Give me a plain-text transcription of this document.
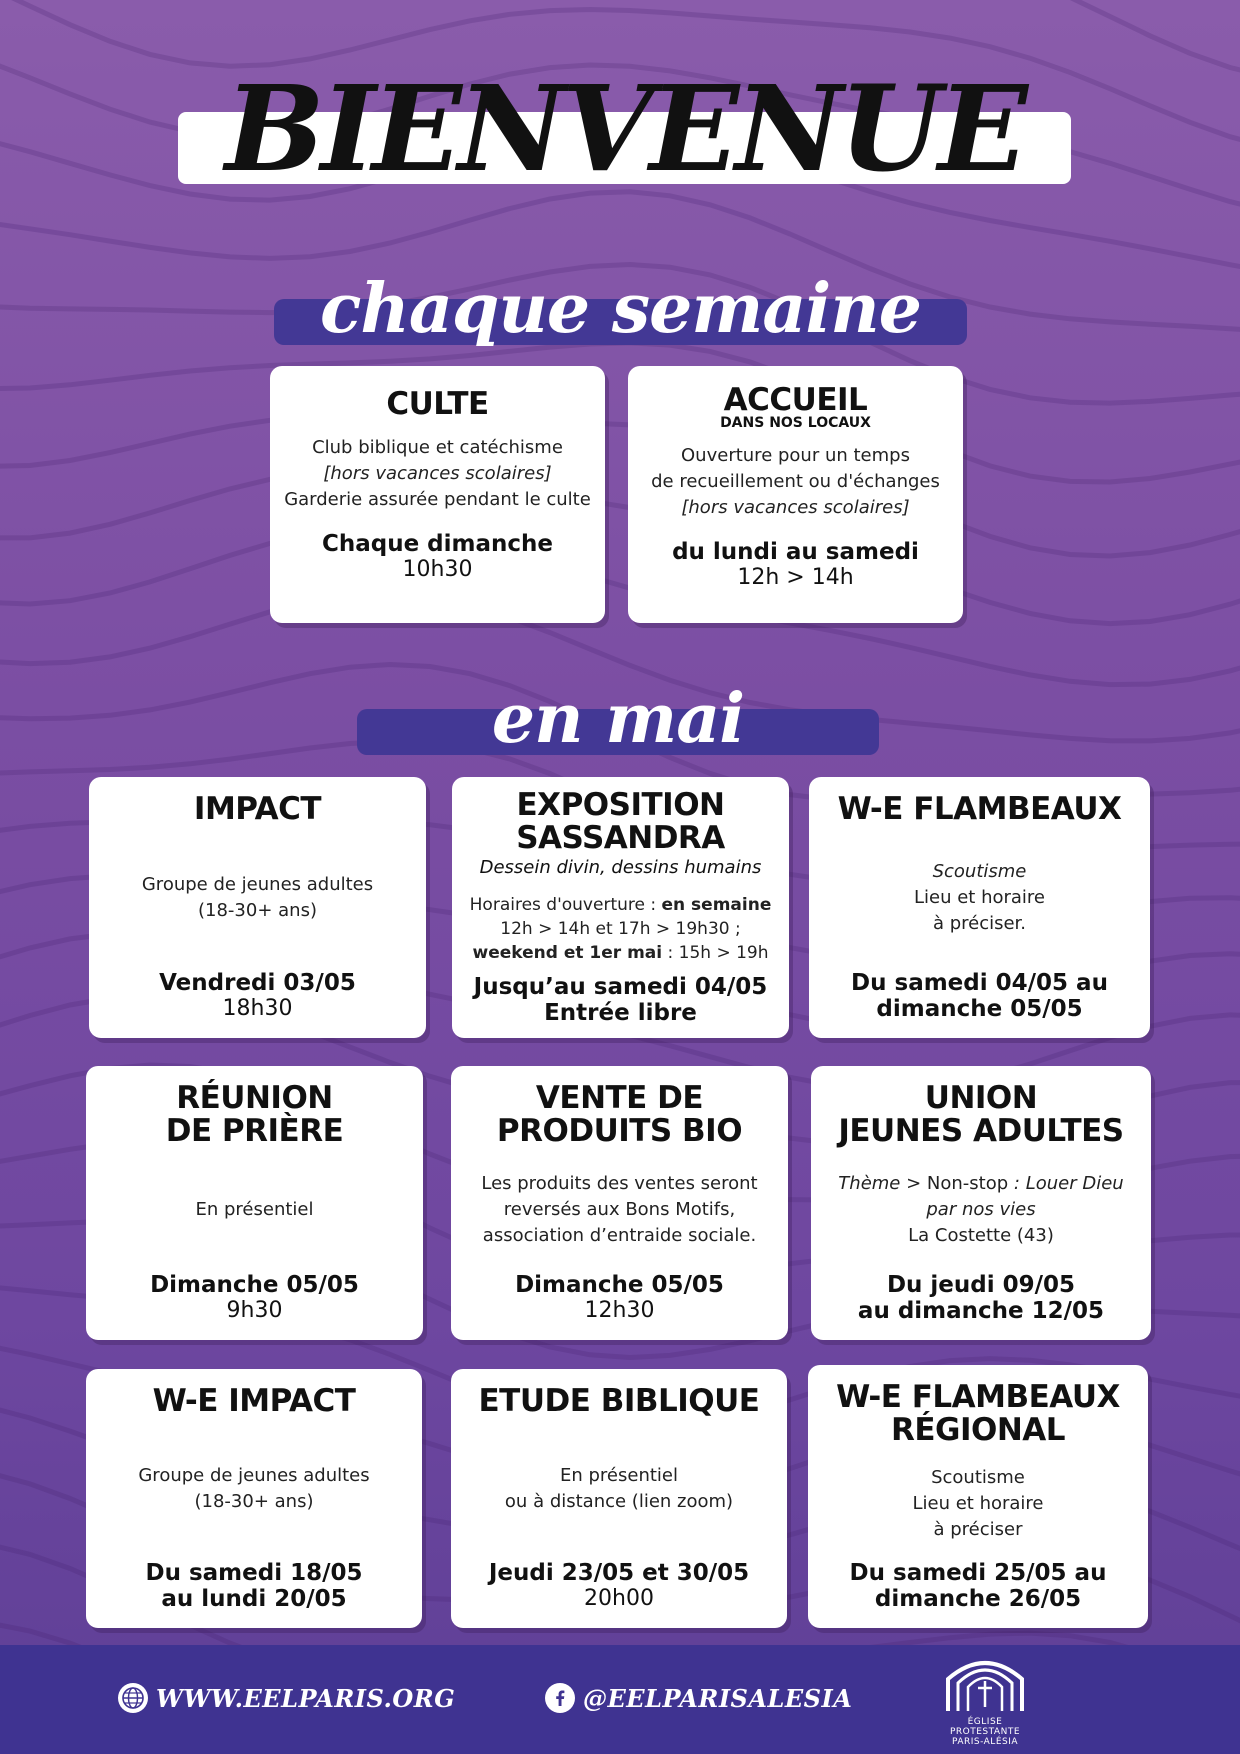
BIENVENUE
chaque semaine
CULTE
Club biblique et catéchisme
[hors vacances scolaires]
Garderie assurée pendant le culte
Chaque dimanche
10h30
ACCUEIL
DANS NOS LOCAUX
Ouverture pour un temps
de recueillement ou d'échanges
[hors vacances scolaires]
du lundi au samedi
12h > 14h
en mai
IMPACT
Groupe de jeunes adultes
(18-30+ ans)
Vendredi 03/05
18h30
EXPOSITION
SASSANDRA
Dessein divin, dessins humains
Horaires d'ouverture : en semaine
12h > 14h et 17h > 19h30 ;
weekend et 1er mai : 15h > 19h
Jusqu’au samedi 04/05
Entrée libre
W-E FLAMBEAUX
Scoutisme
Lieu et horaire
à préciser.
Du samedi 04/05 au
dimanche 05/05
RÉUNION
DE PRIÈRE
En présentiel
Dimanche 05/05
9h30
VENTE DE
PRODUITS BIO
Les produits des ventes seront
reversés aux Bons Motifs,
association d’entraide sociale.
Dimanche 05/05
12h30
UNION
JEUNES ADULTES
Thème > Non-stop : Louer Dieu
par nos vies
La Costette (43)
Du jeudi 09/05
au dimanche 12/05
W-E IMPACT
Groupe de jeunes adultes
(18-30+ ans)
Du samedi 18/05
au lundi 20/05
ETUDE BIBLIQUE
En présentiel
ou à distance (lien zoom)
Jeudi 23/05 et 30/05
20h00
W-E FLAMBEAUX
RÉGIONAL
Scoutisme
Lieu et horaire
à préciser
Du samedi 25/05 au
dimanche 26/05
WWW.EELPARIS.ORG	@EELPARISALESIA
ÉGLISE
PROTESTANTE
PARIS-ALÉSIA
